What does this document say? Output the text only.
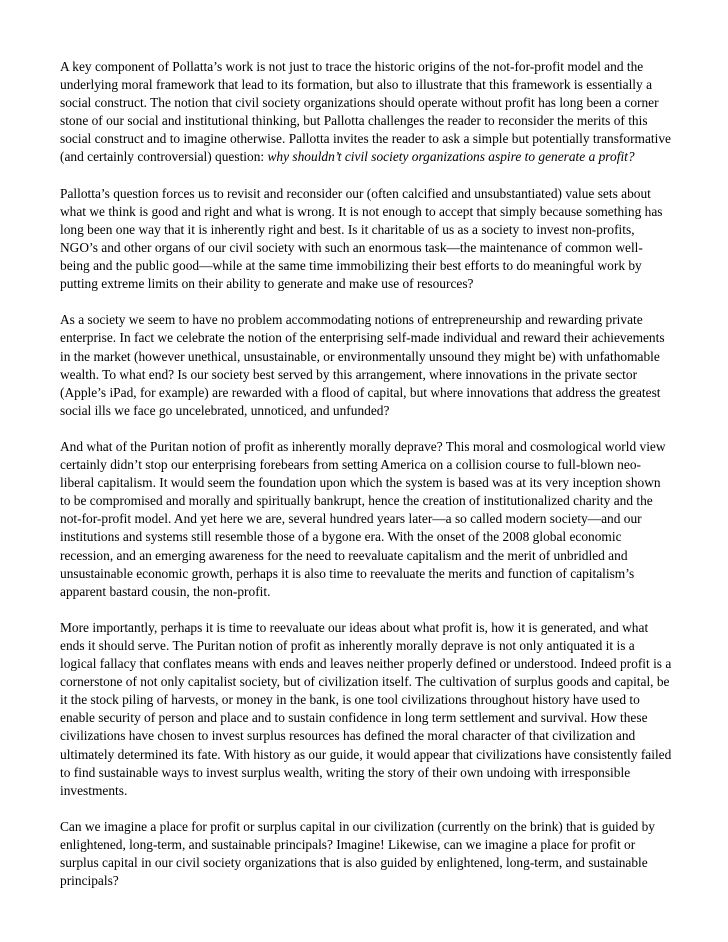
A key component of Pollatta’s work is not just to trace the historic origins of the not-for-profit model and the underlying moral framework that lead to its formation, but also to illustrate that this framework is essentially a social construct. The notion that civil society organizations should operate without profit has long been a corner stone of our social and institutional thinking, but Pallotta challenges the reader to reconsider the merits of this social construct and to imagine otherwise. Pallotta invites the reader to ask a simple but potentially transformative (and certainly controversial) question: why shouldn’t civil society organizations aspire to generate a profit?

Pallotta’s question forces us to revisit and reconsider our (often calcified and unsubstantiated) value sets about what we think is good and right and what is wrong. It is not enough to accept that simply because something has long been one way that it is inherently right and best. Is it charitable of us as a society to invest non-profits, NGO’s and other organs of our civil society with such an enormous task—the maintenance of common well-being and the public good—while at the same time immobilizing their best efforts to do meaningful work by putting extreme limits on their ability to generate and make use of resources?

As a society we seem to have no problem accommodating notions of entrepreneurship and rewarding private enterprise. In fact we celebrate the notion of the enterprising self-made individual and reward their achievements in the market (however unethical, unsustainable, or environmentally unsound they might be) with unfathomable wealth. To what end? Is our society best served by this arrangement, where innovations in the private sector (Apple’s iPad, for example) are rewarded with a flood of capital, but where innovations that address the greatest social ills we face go uncelebrated, unnoticed, and unfunded?

And what of the Puritan notion of profit as inherently morally deprave? This moral and cosmological world view certainly didn’t stop our enterprising forebears from setting America on a collision course to full-blown neo-liberal capitalism. It would seem the foundation upon which the system is based was at its very inception shown to be compromised and morally and spiritually bankrupt, hence the creation of institutionalized charity and the not-for-profit model. And yet here we are, several hundred years later—a so called modern society—and our institutions and systems still resemble those of a bygone era. With the onset of the 2008 global economic recession, and an emerging awareness for the need to reevaluate capitalism and the merit of unbridled and unsustainable economic growth, perhaps it is also time to reevaluate the merits and function of capitalism’s apparent bastard cousin, the non-profit.

More importantly, perhaps it is time to reevaluate our ideas about what profit is, how it is generated, and what ends it should serve. The Puritan notion of profit as inherently morally deprave is not only antiquated it is a logical fallacy that conflates means with ends and leaves neither properly defined or understood. Indeed profit is a cornerstone of not only capitalist society, but of civilization itself. The cultivation of surplus goods and capital, be it the stock piling of harvests, or money in the bank, is one tool civilizations throughout history have used to enable security of person and place and to sustain confidence in long term settlement and survival. How these civilizations have chosen to invest surplus resources has defined the moral character of that civilization and ultimately determined its fate. With history as our guide, it would appear that civilizations have consistently failed to find sustainable ways to invest surplus wealth, writing the story of their own undoing with irresponsible investments.

Can we imagine a place for profit or surplus capital in our civilization (currently on the brink) that is guided by enlightened, long-term, and sustainable principals? Imagine! Likewise, can we imagine a place for profit or surplus capital in our civil society organizations that is also guided by enlightened, long-term, and sustainable principals?
